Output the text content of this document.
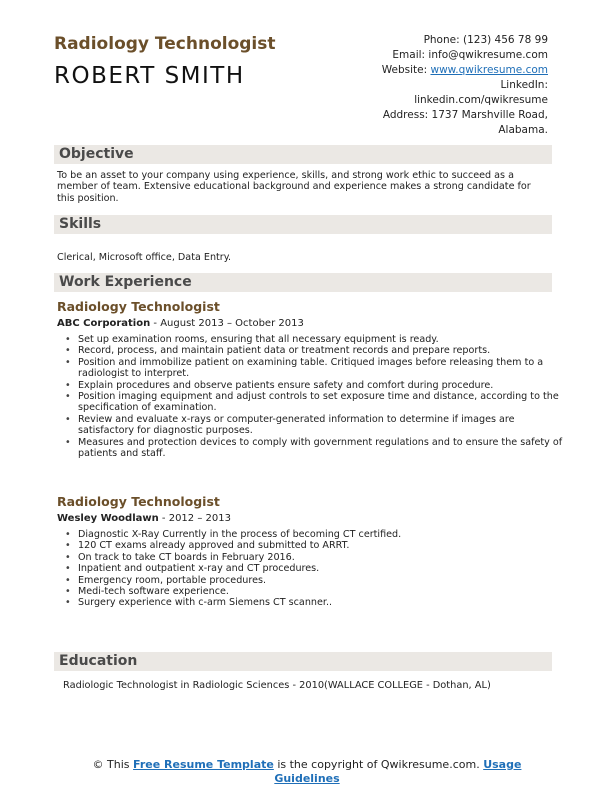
Radiology Technologist
ROBERT SMITH
Phone: (123) 456 78 99
Email: info@qwikresume.com
Website: www.qwikresume.com
LinkedIn:
linkedin.com/qwikresume
Address: 1737 Marshville Road,
Alabama.
Objective
To be an asset to your company using experience, skills, and strong work ethic to succeed as a member of team. Extensive educational background and experience makes a strong candidate for this position.
Skills
Clerical, Microsoft office, Data Entry.
Work Experience
Radiology Technologist
ABC Corporation - August 2013 – October 2013
• Set up examination rooms, ensuring that all necessary equipment is ready.
• Record, process, and maintain patient data or treatment records and prepare reports.
• Position and immobilize patient on examining table. Critiqued images before releasing them to a radiologist to interpret.
• Explain procedures and observe patients ensure safety and comfort during procedure.
• Position imaging equipment and adjust controls to set exposure time and distance, according to the specification of examination.
• Review and evaluate x-rays or computer-generated information to determine if images are satisfactory for diagnostic purposes.
• Measures and protection devices to comply with government regulations and to ensure the safety of patients and staff.
Radiology Technologist
Wesley Woodlawn - 2012 – 2013
• Diagnostic X-Ray Currently in the process of becoming CT certified.
• 120 CT exams already approved and submitted to ARRT.
• On track to take CT boards in February 2016.
• Inpatient and outpatient x-ray and CT procedures.
• Emergency room, portable procedures.
• Medi-tech software experience.
• Surgery experience with c-arm Siemens CT scanner..
Education
Radiologic Technologist in Radiologic Sciences - 2010(WALLACE COLLEGE - Dothan, AL)
© This Free Resume Template is the copyright of Qwikresume.com. Usage Guidelines
